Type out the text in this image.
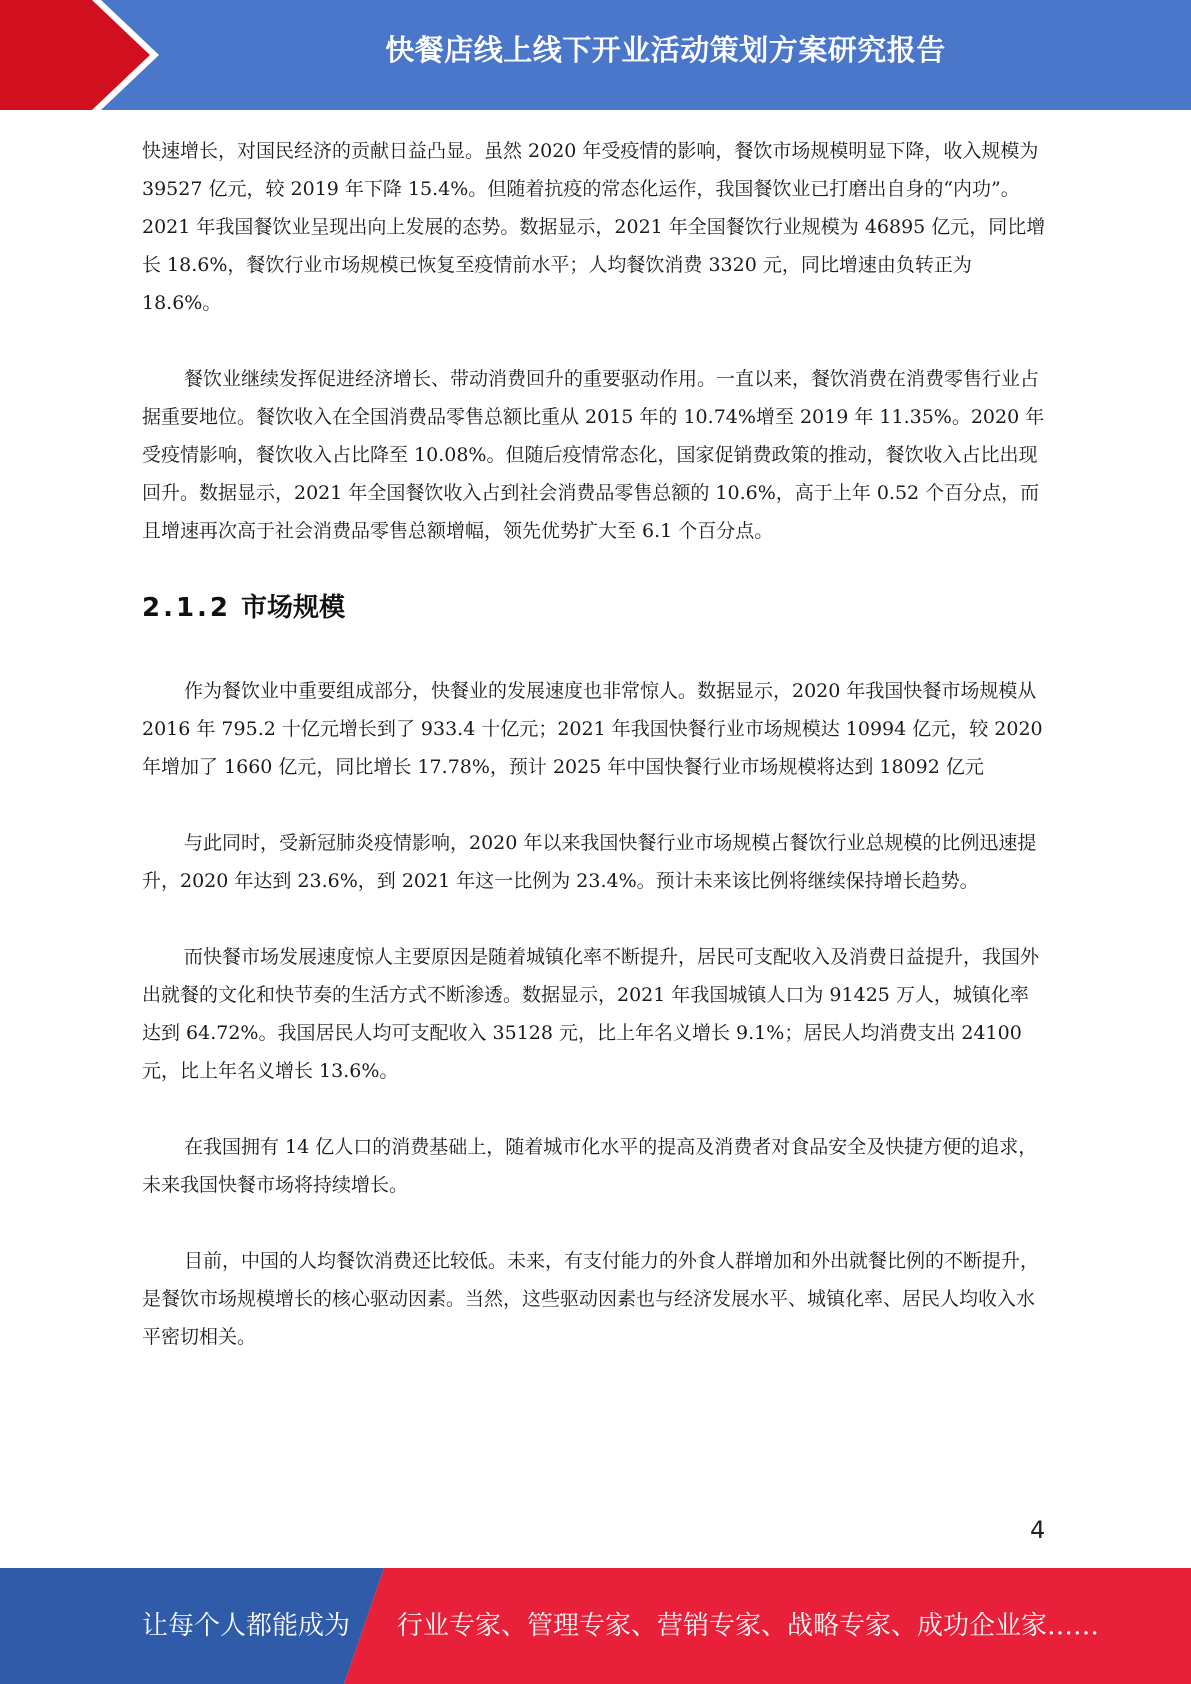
快餐店线上线下开业活动策划方案研究报告

快速增长，对国民经济的贡献日益凸显。虽然 2020 年受疫情的影响，餐饮市场规模明显下降，收入规模为 39527 亿元，较 2019 年下降 15.4%。但随着抗疫的常态化运作，我国餐饮业已打磨出自身的“内功”。2021 年我国餐饮业呈现出向上发展的态势。数据显示，2021 年全国餐饮行业规模为 46895 亿元，同比增长 18.6%，餐饮行业市场规模已恢复至疫情前水平；人均餐饮消费 3320 元，同比增速由负转正为 18.6%。

餐饮业继续发挥促进经济增长、带动消费回升的重要驱动作用。一直以来，餐饮消费在消费零售行业占据重要地位。餐饮收入在全国消费品零售总额比重从 2015 年的 10.74%增至 2019 年 11.35%。2020 年受疫情影响，餐饮收入占比降至 10.08%。但随后疫情常态化，国家促销费政策的推动，餐饮收入占比出现回升。数据显示，2021 年全国餐饮收入占到社会消费品零售总额的 10.6%，高于上年 0.52 个百分点，而且增速再次高于社会消费品零售总额增幅，领先优势扩大至 6.1 个百分点。

2.1.2 市场规模

作为餐饮业中重要组成部分，快餐业的发展速度也非常惊人。数据显示，2020 年我国快餐市场规模从 2016 年 795.2 十亿元增长到了 933.4 十亿元；2021 年我国快餐行业市场规模达 10994 亿元，较 2020 年增加了 1660 亿元，同比增长 17.78%，预计 2025 年中国快餐行业市场规模将达到 18092 亿元

与此同时，受新冠肺炎疫情影响，2020 年以来我国快餐行业市场规模占餐饮行业总规模的比例迅速提升，2020 年达到 23.6%，到 2021 年这一比例为 23.4%。预计未来该比例将继续保持增长趋势。

而快餐市场发展速度惊人主要原因是随着城镇化率不断提升，居民可支配收入及消费日益提升，我国外出就餐的文化和快节奏的生活方式不断渗透。数据显示，2021 年我国城镇人口为 91425 万人，城镇化率达到 64.72%。我国居民人均可支配收入 35128 元，比上年名义增长 9.1%；居民人均消费支出 24100 元，比上年名义增长 13.6%。

在我国拥有 14 亿人口的消费基础上，随着城市化水平的提高及消费者对食品安全及快捷方便的追求，未来我国快餐市场将持续增长。

目前，中国的人均餐饮消费还比较低。未来，有支付能力的外食人群增加和外出就餐比例的不断提升，是餐饮市场规模增长的核心驱动因素。当然，这些驱动因素也与经济发展水平、城镇化率、居民人均收入水平密切相关。

4
让每个人都能成为 行业专家、管理专家、营销专家、战略专家、成功企业家……
